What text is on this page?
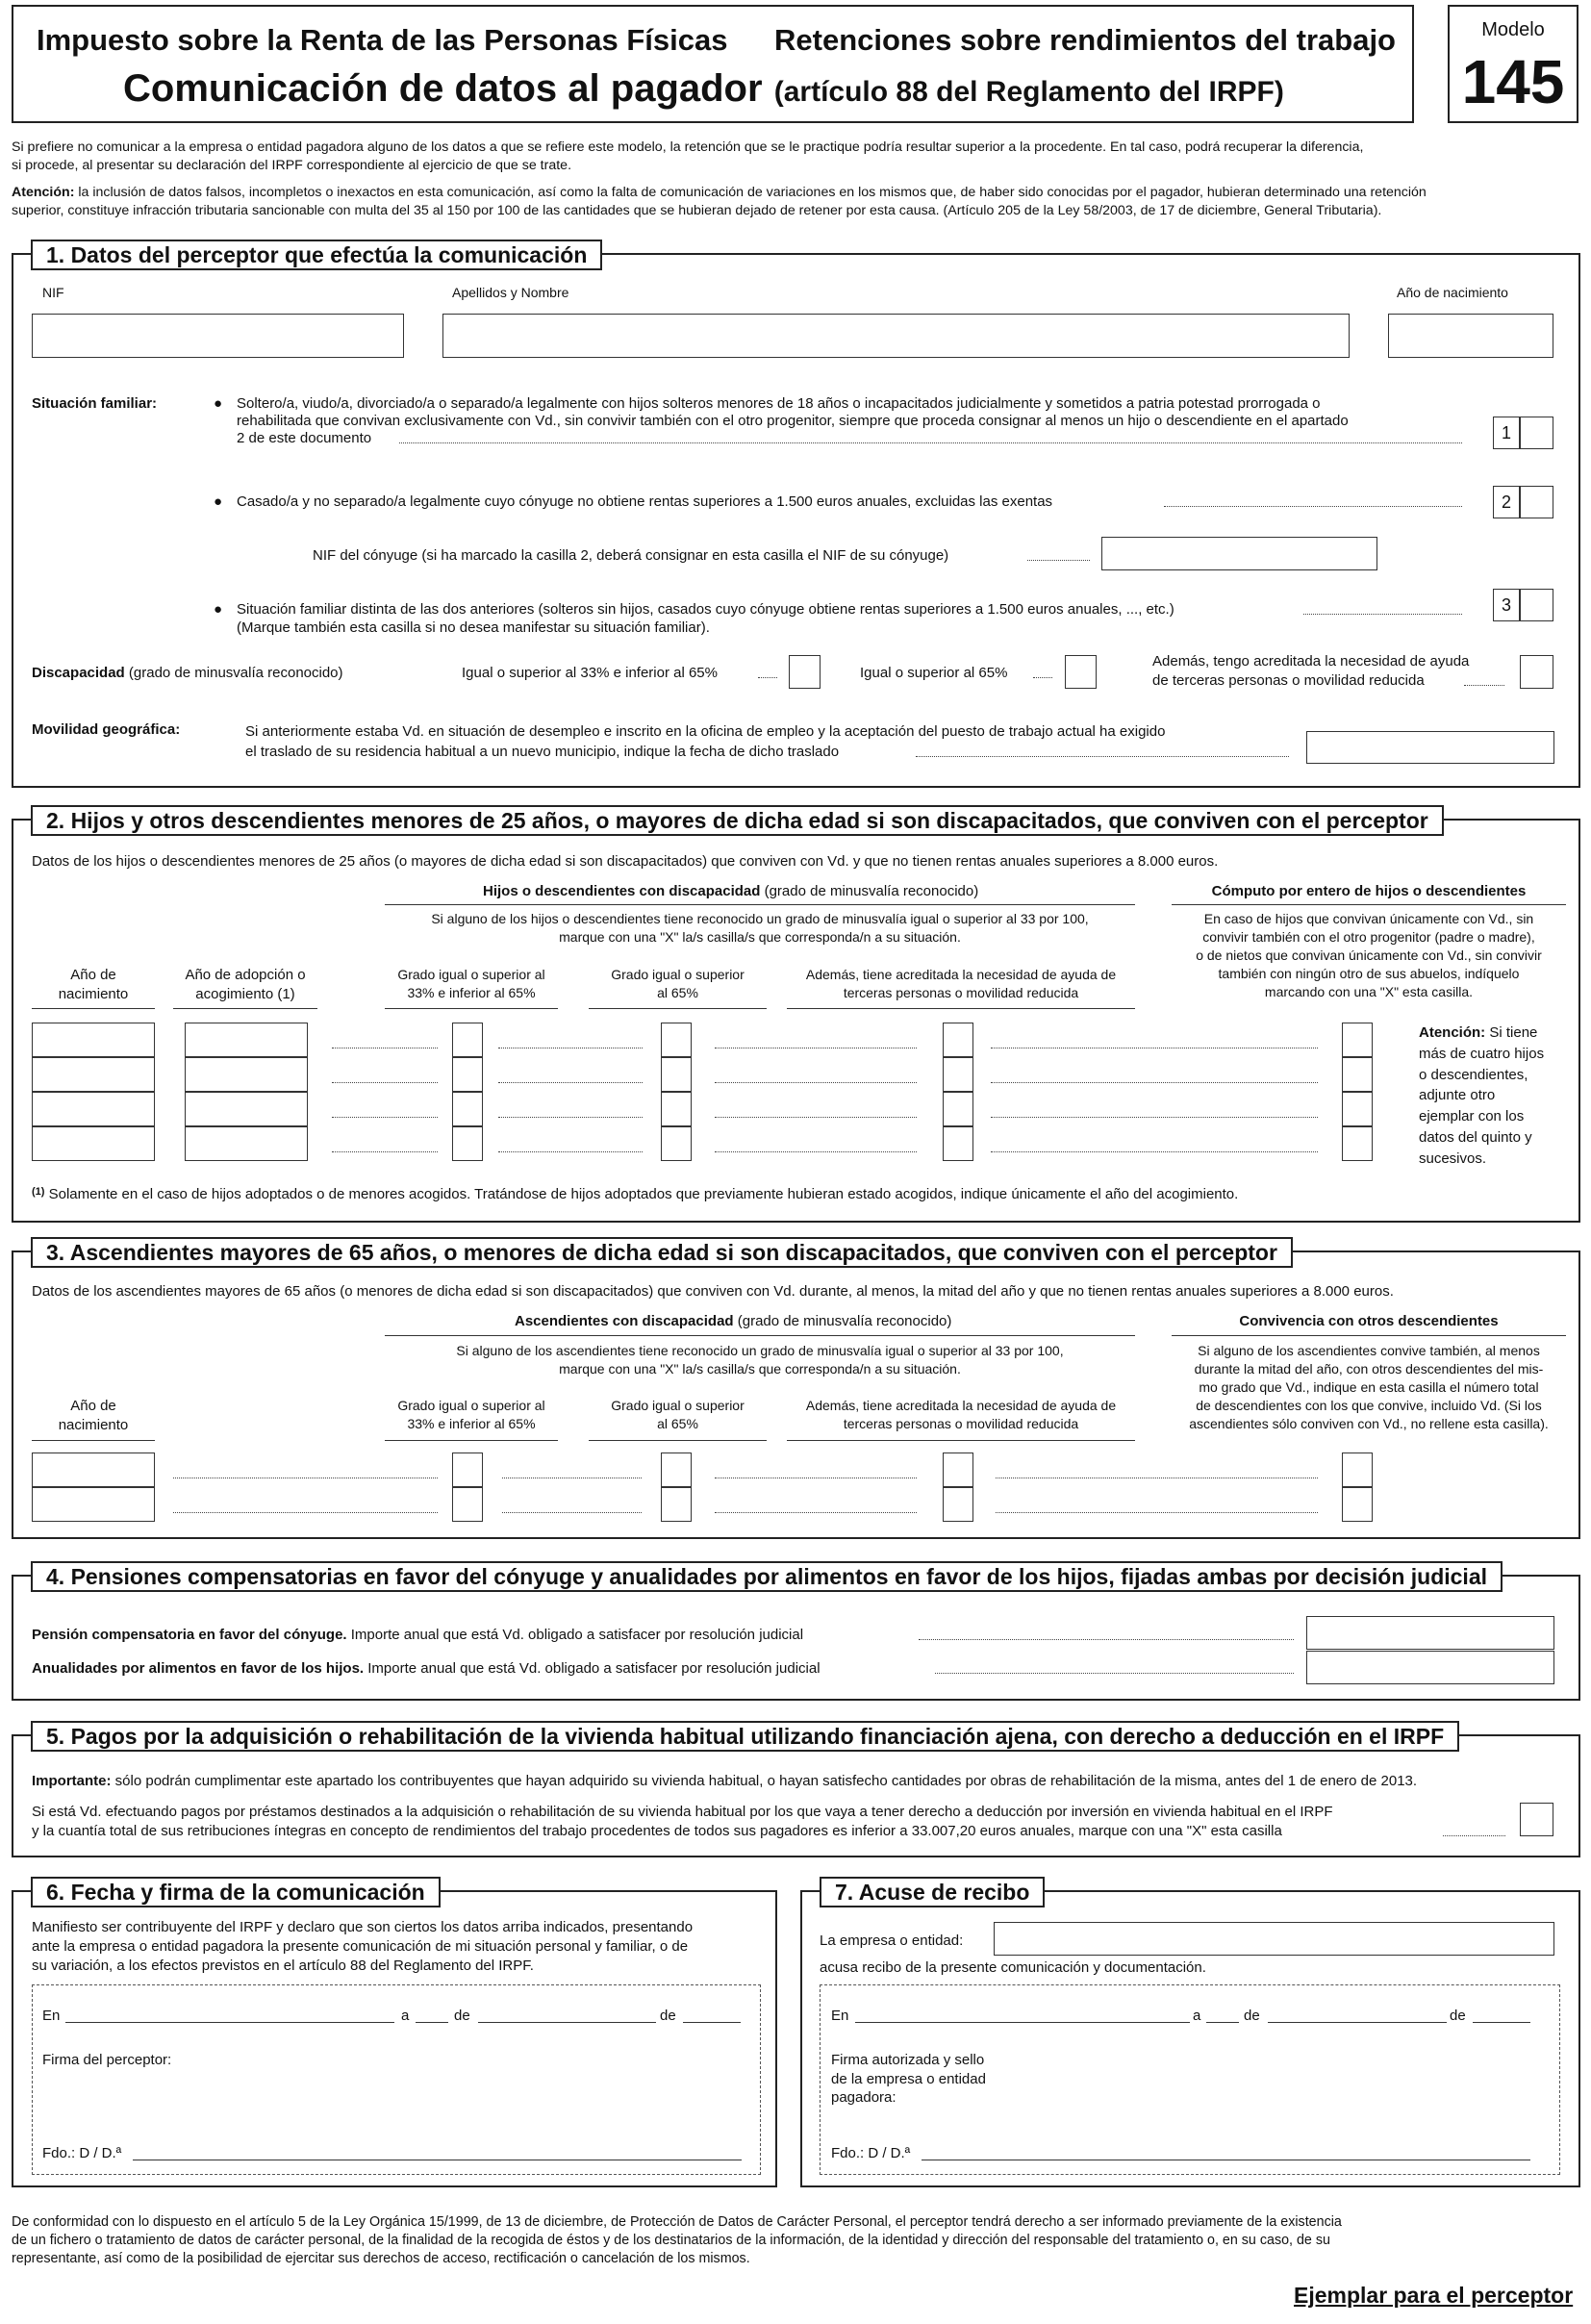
Impuesto sobre la Renta de las Personas Físicas Retenciones sobre rendimientos del trabajo
Comunicación de datos al pagador (artículo 88 del Reglamento del IRPF)
Modelo
145
Si prefiere no comunicar a la empresa o entidad pagadora alguno de los datos a que se refiere este modelo, la retención que se le practique podría resultar superior a la procedente. En tal caso, podrá recuperar la diferencia,
si procede, al presentar su declaración del IRPF correspondiente al ejercicio de que se trate.
Atención: la inclusión de datos falsos, incompletos o inexactos en esta comunicación, así como la falta de comunicación de variaciones en los mismos que, de haber sido conocidas por el pagador, hubieran determinado una retención
superior, constituye infracción tributaria sancionable con multa del 35 al 150 por 100 de las cantidades que se hubieran dejado de retener por esta causa. (Artículo 205 de la Ley 58/2003, de 17 de diciembre, General Tributaria).
1. Datos del perceptor que efectúa la comunicación
NIF	Apellidos y Nombre	Año de nacimiento
Situación familiar:	● Soltero/a, viudo/a, divorciado/a o separado/a legalmente con hijos solteros menores de 18 años o incapacitados judicialmente y sometidos a patria potestad prorrogada o
rehabilitada que convivan exclusivamente con Vd., sin convivir también con el otro progenitor, siempre que proceda consignar al menos un hijo o descendiente en el apartado
2 de este documento	1
● Casado/a y no separado/a legalmente cuyo cónyuge no obtiene rentas superiores a 1.500 euros anuales, excluidas las exentas	2
NIF del cónyuge (si ha marcado la casilla 2, deberá consignar en esta casilla el NIF de su cónyuge)
● Situación familiar distinta de las dos anteriores (solteros sin hijos, casados cuyo cónyuge obtiene rentas superiores a 1.500 euros anuales, ..., etc.)
(Marque también esta casilla si no desea manifestar su situación familiar).
3
Discapacidad (grado de minusvalía reconocido)	Igual o superior al 33% e inferior al 65%	Igual o superior al 65%
Además, tengo acreditada la necesidad de ayuda
de terceras personas o movilidad reducida
Movilidad geográfica:	Si anteriormente estaba Vd. en situación de desempleo e inscrito en la oficina de empleo y la aceptación del puesto de trabajo actual ha exigido
el traslado de su residencia habitual a un nuevo municipio, indique la fecha de dicho traslado
2. Hijos y otros descendientes menores de 25 años, o mayores de dicha edad si son discapacitados, que conviven con el perceptor
Datos de los hijos o descendientes menores de 25 años (o mayores de dicha edad si son discapacitados) que conviven con Vd. y que no tienen rentas anuales superiores a 8.000 euros.
Hijos o descendientes con discapacidad (grado de minusvalía reconocido)
Si alguno de los hijos o descendientes tiene reconocido un grado de minusvalía igual o superior al 33 por 100,
marque con una "X" la/s casilla/s que corresponda/n a su situación.
Cómputo por entero de hijos o descendientes
En caso de hijos que convivan únicamente con Vd., sin
convivir también con el otro progenitor (padre o madre),
o de nietos que convivan únicamente con Vd., sin convivir
también con ningún otro de sus abuelos, indíquelo
marcando con una "X" esta casilla.
Año de
nacimiento
Año de adopción o
acogimiento (1)
Grado igual o superior al
33% e inferior al 65%
Grado igual o superior
al 65%
Además, tiene acreditada la necesidad de ayuda de
terceras personas o movilidad reducida
Atención: Si tiene
más de cuatro hijos
o descendientes,
adjunte otro
ejemplar con los
datos del quinto y
sucesivos.
$^{(1)}$ Solamente en el caso de hijos adoptados o de menores acogidos. Tratándose de hijos adoptados que previamente hubieran estado acogidos, indique únicamente el año del acogimiento.
3. Ascendientes mayores de 65 años, o menores de dicha edad si son discapacitados, que conviven con el perceptor
Datos de los ascendientes mayores de 65 años (o menores de dicha edad si son discapacitados) que conviven con Vd. durante, al menos, la mitad del año y que no tienen rentas anuales superiores a 8.000 euros.
Ascendientes con discapacidad (grado de minusvalía reconocido)
Si alguno de los ascendientes tiene reconocido un grado de minusvalía igual o superior al 33 por 100,
marque con una "X" la/s casilla/s que corresponda/n a su situación.
Convivencia con otros descendientes
Si alguno de los ascendientes convive también, al menos
durante la mitad del año, con otros descendientes del mis-
mo grado que Vd., indique en esta casilla el número total
de descendientes con los que convive, incluido Vd. (Si los
ascendientes sólo conviven con Vd., no rellene esta casilla).
Año de
nacimiento
Grado igual o superior al
33% e inferior al 65%
Grado igual o superior
al 65%
Además, tiene acreditada la necesidad de ayuda de
terceras personas o movilidad reducida
4. Pensiones compensatorias en favor del cónyuge y anualidades por alimentos en favor de los hijos, fijadas ambas por decisión judicial
Pensión compensatoria en favor del cónyuge. Importe anual que está Vd. obligado a satisfacer por resolución judicial
Anualidades por alimentos en favor de los hijos. Importe anual que está Vd. obligado a satisfacer por resolución judicial
5. Pagos por la adquisición o rehabilitación de la vivienda habitual utilizando financiación ajena, con derecho a deducción en el IRPF
Importante: sólo podrán cumplimentar este apartado los contribuyentes que hayan adquirido su vivienda habitual, o hayan satisfecho cantidades por obras de rehabilitación de la misma, antes del 1 de enero de 2013.
Si está Vd. efectuando pagos por préstamos destinados a la adquisición o rehabilitación de su vivienda habitual por los que vaya a tener derecho a deducción por inversión en vivienda habitual en el IRPF
y la cuantía total de sus retribuciones íntegras en concepto de rendimientos del trabajo procedentes de todos sus pagadores es inferior a 33.007,20 euros anuales, marque con una "X" esta casilla
6. Fecha y firma de la comunicación
Manifiesto ser contribuyente del IRPF y declaro que son ciertos los datos arriba indicados, presentando
ante la empresa o entidad pagadora la presente comunicación de mi situación personal y familiar, o de
su variación, a los efectos previstos en el artículo 88 del Reglamento del IRPF.
En	a	de	de
Firma del perceptor:
Fdo.: D / D.ª
7. Acuse de recibo
La empresa o entidad:
acusa recibo de la presente comunicación y documentación.
En	a	de	de
Firma autorizada y sello
de la empresa o entidad
pagadora:
Fdo.: D / D.ª
De conformidad con lo dispuesto en el artículo 5 de la Ley Orgánica 15/1999, de 13 de diciembre, de Protección de Datos de Carácter Personal, el perceptor tendrá derecho a ser informado previamente de la existencia
de un fichero o tratamiento de datos de carácter personal, de la finalidad de la recogida de éstos y de los destinatarios de la información, de la identidad y dirección del responsable del tratamiento o, en su caso, de su
representante, así como de la posibilidad de ejercitar sus derechos de acceso, rectificación o cancelación de los mismos.
Ejemplar para el perceptor
